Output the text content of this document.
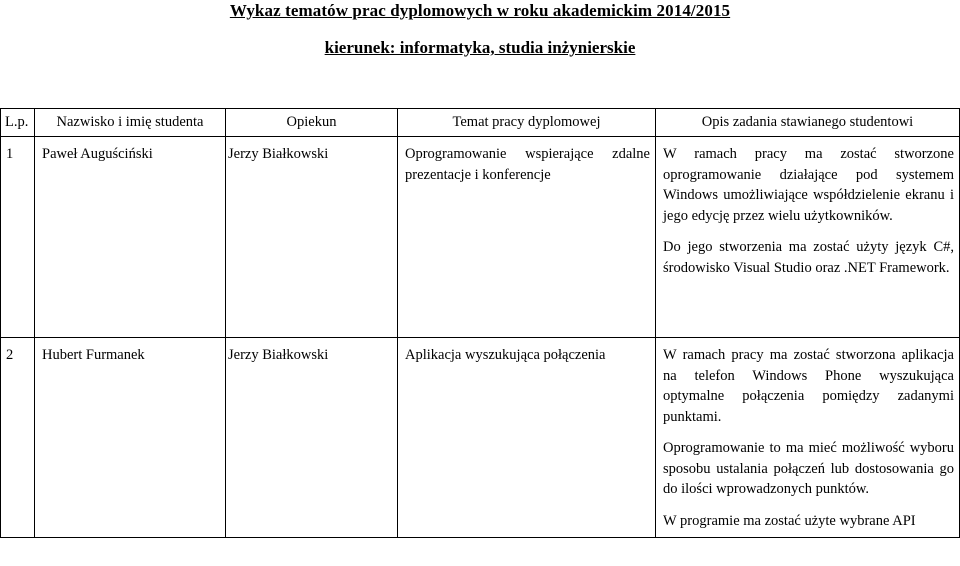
Wykaz tematów prac dyplomowych w roku akademickim 2014/2015
kierunek: informatyka, studia inżynierskie
L.p.	Nazwisko i imię studenta	Opiekun	Temat pracy dyplomowej	Opis zadania stawianego studentowi
1	Paweł Auguściński	Jerzy Białkowski	Oprogramowanie wspierające zdalne prezentacje i konferencje	W ramach pracy ma zostać stworzone oprogramowanie działające pod systemem Windows umożliwiające współdzielenie ekranu i jego edycję przez wielu użytkowników.

Do jego stworzenia ma zostać użyty język C#, środowisko Visual Studio oraz .NET Framework.

2	Hubert Furmanek	Jerzy Białkowski	Aplikacja wyszukująca połączenia	W ramach pracy ma zostać stworzona aplikacja na telefon Windows Phone wyszukująca optymalne połączenia pomiędzy zadanymi punktami.

Oprogramowanie to ma mieć możliwość wyboru sposobu ustalania połączeń lub dostosowania go do ilości wprowadzonych punktów.

W programie ma zostać użyte wybrane API
